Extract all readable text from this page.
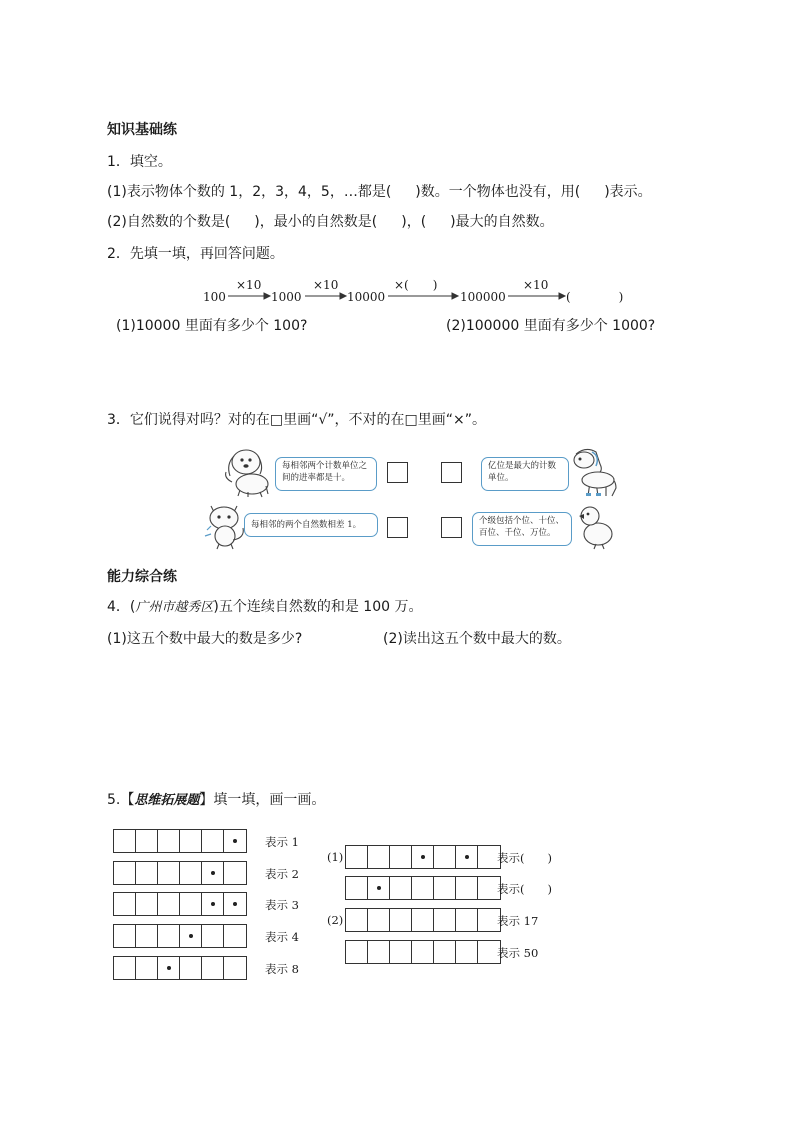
知识基础练
1．填空。
(1)表示物体个数的 1，2，3，4，5，…都是( )数。一个物体也没有，用( )表示。
(2)自然数的个数是( )，最小的自然数是( )，( )最大的自然数。
2．先填一填，再回答问题。
100
×10
1000
×10
10000
×(　　)
100000
×10
(　　　　)
(1)10000 里面有多少个 100?	(2)100000 里面有多少个 1000?
3．它们说得对吗？对的在□里画“√”，不对的在□里画“×”。
每相邻两个计数单位之间的进率都是十。
亿位是最大的计数单位。
每相邻的两个自然数相差 1。	个级包括个位、十位、百位、千位、万位。
能力综合练
4．(广州市越秀区)五个连续自然数的和是 100 万。
(1)这五个数中最大的数是多少?	(2)读出这五个数中最大的数。
5.【思维拓展题】填一填，画一画。
表示 1
表示 2
表示 3
表示 4
表示 8
(1)	表示(　　)
表示(　　)
(2)	表示 17
表示 50
